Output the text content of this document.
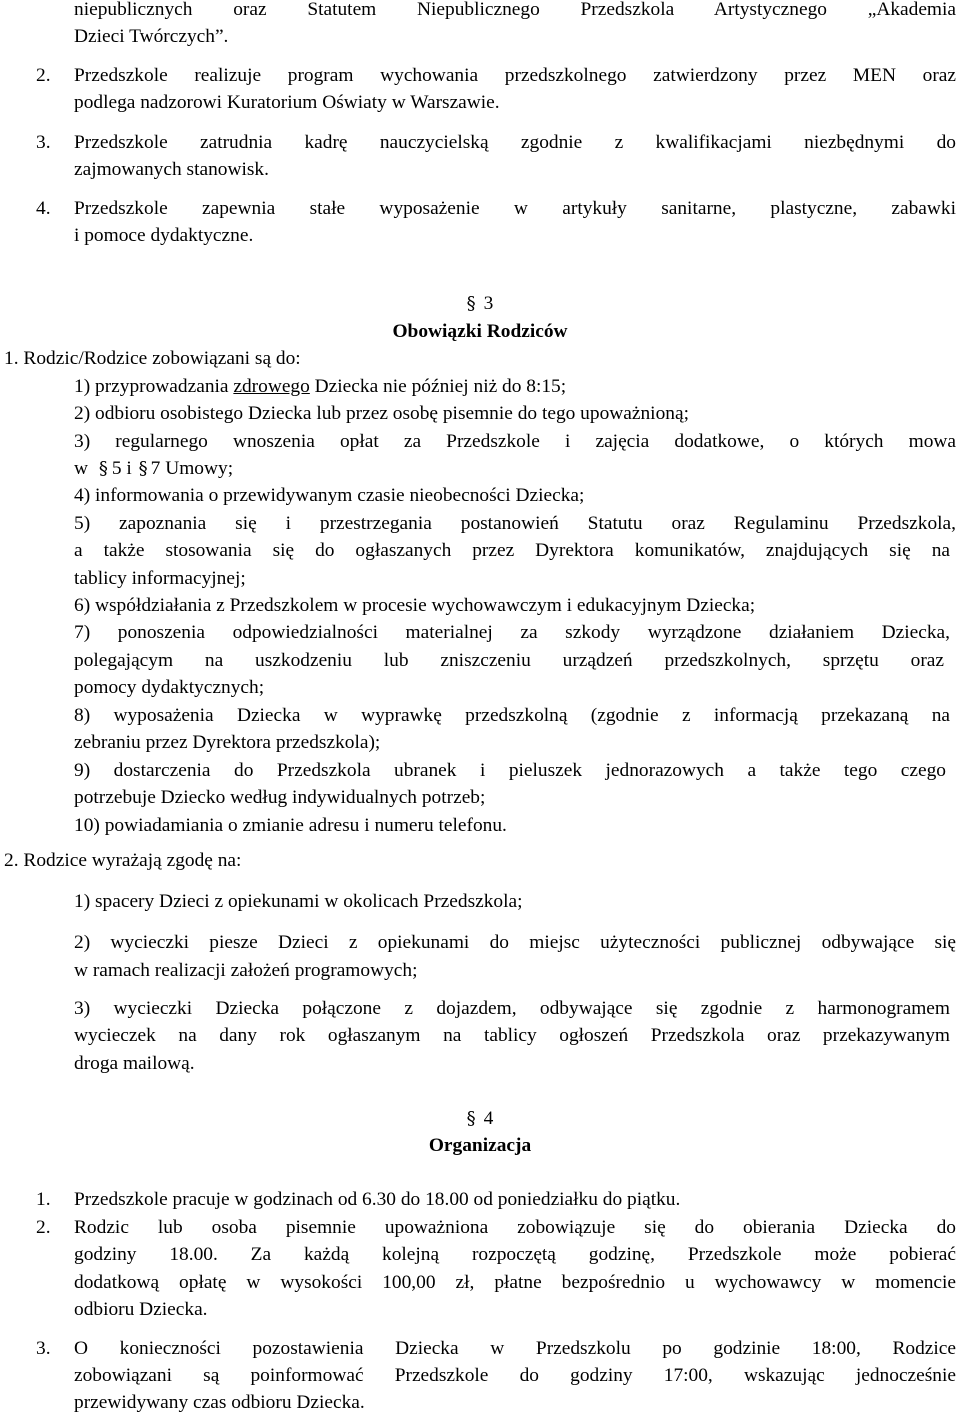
niepublicznych oraz Statutem Niepublicznego Przedszkola Artystycznego „Akademia
Dzieci Twórczych”.
2. Przedszkole realizuje program wychowania przedszkolnego zatwierdzony przez MEN oraz
podlega nadzorowi Kuratorium Oświaty w Warszawie.
3. Przedszkole zatrudnia kadrę nauczycielską zgodnie z kwalifikacjami niezbędnymi do
zajmowanych stanowisk.
4. Przedszkole zapewnia stałe wyposażenie w artykuły sanitarne, plastyczne, zabawki
i pomoce dydaktyczne.
§ 3
Obowiązki Rodziców
1. Rodzic/Rodzice zobowiązani są do:
1) przyprowadzania zdrowego Dziecka nie później niż do 8:15;
2) odbioru osobistego Dziecka lub przez osobę pisemnie do tego upoważnioną;
3) regularnego wnoszenia opłat za Przedszkole i zajęcia dodatkowe, o których mowa
w § 5 i § 7 Umowy;
4) informowania o przewidywanym czasie nieobecności Dziecka;
5) zapoznania się i przestrzegania postanowień Statutu oraz Regulaminu Przedszkola,
a także stosowania się do ogłaszanych przez Dyrektora komunikatów, znajdujących się na
tablicy informacyjnej;
6) współdziałania z Przedszkolem w procesie wychowawczym i edukacyjnym Dziecka;
7) ponoszenia odpowiedzialności materialnej za szkody wyrządzone działaniem Dziecka,
polegającym na uszkodzeniu lub zniszczeniu urządzeń przedszkolnych, sprzętu oraz
pomocy dydaktycznych;
8) wyposażenia Dziecka w wyprawkę przedszkolną (zgodnie z informacją przekazaną na
zebraniu przez Dyrektora przedszkola);
9) dostarczenia do Przedszkola ubranek i pieluszek jednorazowych a także tego czego
potrzebuje Dziecko według indywidualnych potrzeb;
10) powiadamiania o zmianie adresu i numeru telefonu.
2. Rodzice wyrażają zgodę na:
1) spacery Dzieci z opiekunami w okolicach Przedszkola;
2) wycieczki piesze Dzieci z opiekunami do miejsc użyteczności publicznej odbywające się
w ramach realizacji założeń programowych;
3) wycieczki Dziecka połączone z dojazdem, odbywające się zgodnie z harmonogramem
wycieczek na dany rok ogłaszanym na tablicy ogłoszeń Przedszkola oraz przekazywanym
droga mailową.
§ 4
Organizacja
1. Przedszkole pracuje w godzinach od 6.30 do 18.00 od poniedziałku do piątku.
2. Rodzic lub osoba pisemnie upoważniona zobowiązuje się do obierania Dziecka do
godziny 18.00. Za każdą kolejną rozpoczętą godzinę, Przedszkole może pobierać
dodatkową opłatę w wysokości 100,00 zł, płatne bezpośrednio u wychowawcy w momencie
odbioru Dziecka.
3. O konieczności pozostawienia Dziecka w Przedszkolu po godzinie 18:00, Rodzice
zobowiązani są poinformować Przedszkole do godziny 17:00, wskazując jednocześnie
przewidywany czas odbioru Dziecka.
